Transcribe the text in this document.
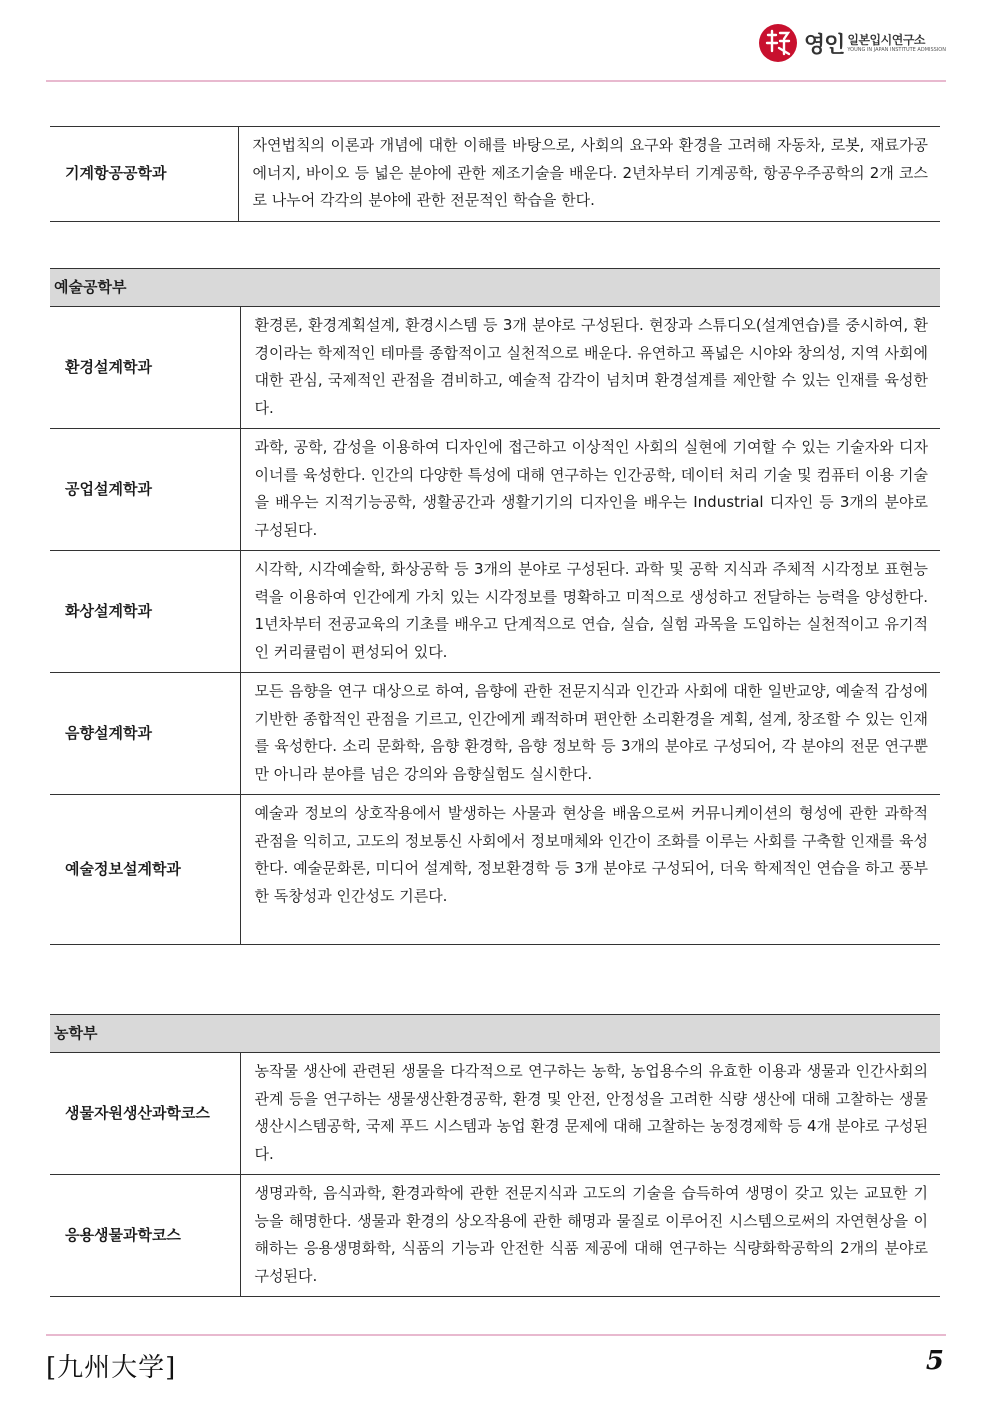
영인 일본입시연구소
YOUNG IN JAPAN INSTITUTE ADMISSION
기계항공공학과	자연법칙의 이론과 개념에 대한 이해를 바탕으로, 사회의 요구와 환경을 고려해 자동차, 로봇, 재료가공 에너지, 바이오 등 넓은 분야에 관한 제조기술을 배운다. 2년차부터 기계공학, 항공우주공학의 2개 코스로 나누어 각각의 분야에 관한 전문적인 학습을 한다.
예술공학부	
환경설계학과	환경론, 환경계획설계, 환경시스템 등 3개 분야로 구성된다. 현장과 스튜디오(설계연습)를 중시하여, 환경이라는 학제적인 테마를 종합적이고 실천적으로 배운다. 유연하고 폭넓은 시야와 창의성, 지역 사회에 대한 관심, 국제적인 관점을 겸비하고, 예술적 감각이 넘치며 환경설계를 제안할 수 있는 인재를 육성한다.
공업설계학과	과학, 공학, 감성을 이용하여 디자인에 접근하고 이상적인 사회의 실현에 기여할 수 있는 기술자와 디자이너를 육성한다. 인간의 다양한 특성에 대해 연구하는 인간공학, 데이터 처리 기술 및 컴퓨터 이용 기술을 배우는 지적기능공학, 생활공간과 생활기기의 디자인을 배우는 Industrial 디자인 등 3개의 분야로 구성된다.
화상설계학과	시각학, 시각예술학, 화상공학 등 3개의 분야로 구성된다. 과학 및 공학 지식과 주체적 시각정보 표현능력을 이용하여 인간에게 가치 있는 시각정보를 명확하고 미적으로 생성하고 전달하는 능력을 양성한다. 1년차부터 전공교육의 기초를 배우고 단계적으로 연습, 실습, 실험 과목을 도입하는 실천적이고 유기적인 커리큘럼이 편성되어 있다.
음향설계학과	모든 음향을 연구 대상으로 하여, 음향에 관한 전문지식과 인간과 사회에 대한 일반교양, 예술적 감성에 기반한 종합적인 관점을 기르고, 인간에게 쾌적하며 편안한 소리환경을 계획, 설계, 창조할 수 있는 인재를 육성한다. 소리 문화학, 음향 환경학, 음향 정보학 등 3개의 분야로 구성되어, 각 분야의 전문 연구뿐만 아니라 분야를 넘은 강의와 음향실험도 실시한다.
예술정보설계학과	예술과 정보의 상호작용에서 발생하는 사물과 현상을 배움으로써 커뮤니케이션의 형성에 관한 과학적 관점을 익히고, 고도의 정보통신 사회에서 정보매체와 인간이 조화를 이루는 사회를 구축할 인재를 육성한다. 예술문화론, 미디어 설계학, 정보환경학 등 3개 분야로 구성되어, 더욱 학제적인 연습을 하고 풍부한 독창성과 인간성도 기른다.
농학부	
생물자원생산과학코스	농작물 생산에 관련된 생물을 다각적으로 연구하는 농학, 농업용수의 유효한 이용과 생물과 인간사회의 관계 등을 연구하는 생물생산환경공학, 환경 및 안전, 안정성을 고려한 식량 생산에 대해 고찰하는 생물생산시스템공학, 국제 푸드 시스템과 농업 환경 문제에 대해 고찰하는 농정경제학 등 4개 분야로 구성된다.
응용생물과학코스	생명과학, 음식과학, 환경과학에 관한 전문지식과 고도의 기술을 습득하여 생명이 갖고 있는 교묘한 기능을 해명한다. 생물과 환경의 상오작용에 관한 해명과 물질로 이루어진 시스템으로써의 자연현상을 이해하는 응용생명화학, 식품의 기능과 안전한 식품 제공에 대해 연구하는 식량화학공학의 2개의 분야로 구성된다.
[九州大学]	5
